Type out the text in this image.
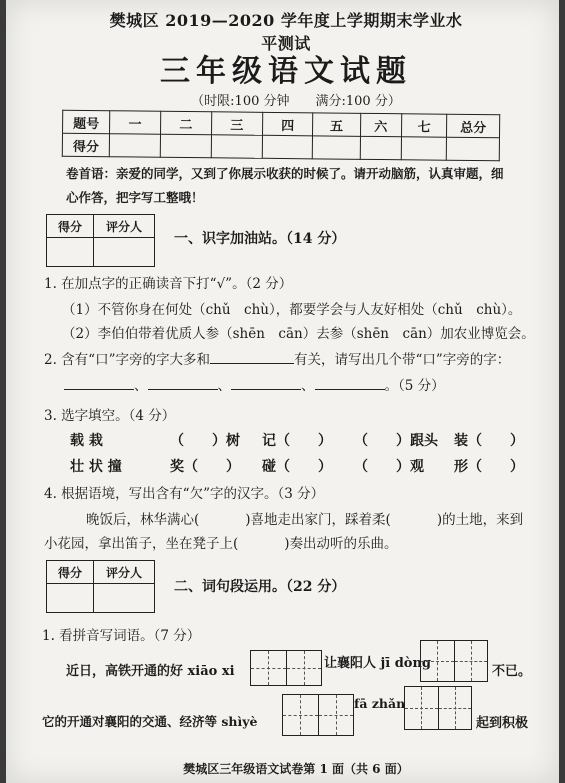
樊城区 2019—2020 学年度上学期期末学业水平测试
三年级语文试题
（时限:100 分钟　　满分:100 分）
题号	一	二	三	四	五	六	七	总分
得分								
卷首语：亲爱的同学，又到了你展示收获的时候了。请开动脑筋，认真审题，细心作答，把字写工整哦！
得分	评分人

一、识字加油站。（14 分）
1. 在加点字的正确读音下打“√”。（2 分）
（1）不管你身在何处（chǔ　chù），都要学会与人友好相处（chǔ　chù）。
（2）李伯伯带着优质人参（shēn　cān）去参（shēn　cān）加农业博览会。
2. 含有“口”字旁的字大多和	有关，请写出几个带“口”字旁的字：
、	、	、	。（5 分）
3. 选字填空。（4 分）
载 栽	（　　）树 记（　　） （　　）跟头 装（　　）
壮 状 撞	奖（　　） 碰（　　） （　　）观 形（　　）
4. 根据语境，写出含有“欠”字的汉字。（3 分）
晚饭后，林华满心(	)喜地走出家门，踩着柔(	)的土地，来到
小花园，拿出笛子，坐在凳子上(	)奏出动听的乐曲。
得分	评分人

二、词句段运用。（22 分）
1. 看拼音写词语。（7 分）
近日，高铁开通的好 xiāo xi
让襄阳人 jī dòng
不已。
它的开通对襄阳的交通、经济等 shìyè
fā zhǎn
起到积极
樊城区三年级语文试卷第 1 面（共 6 面）
